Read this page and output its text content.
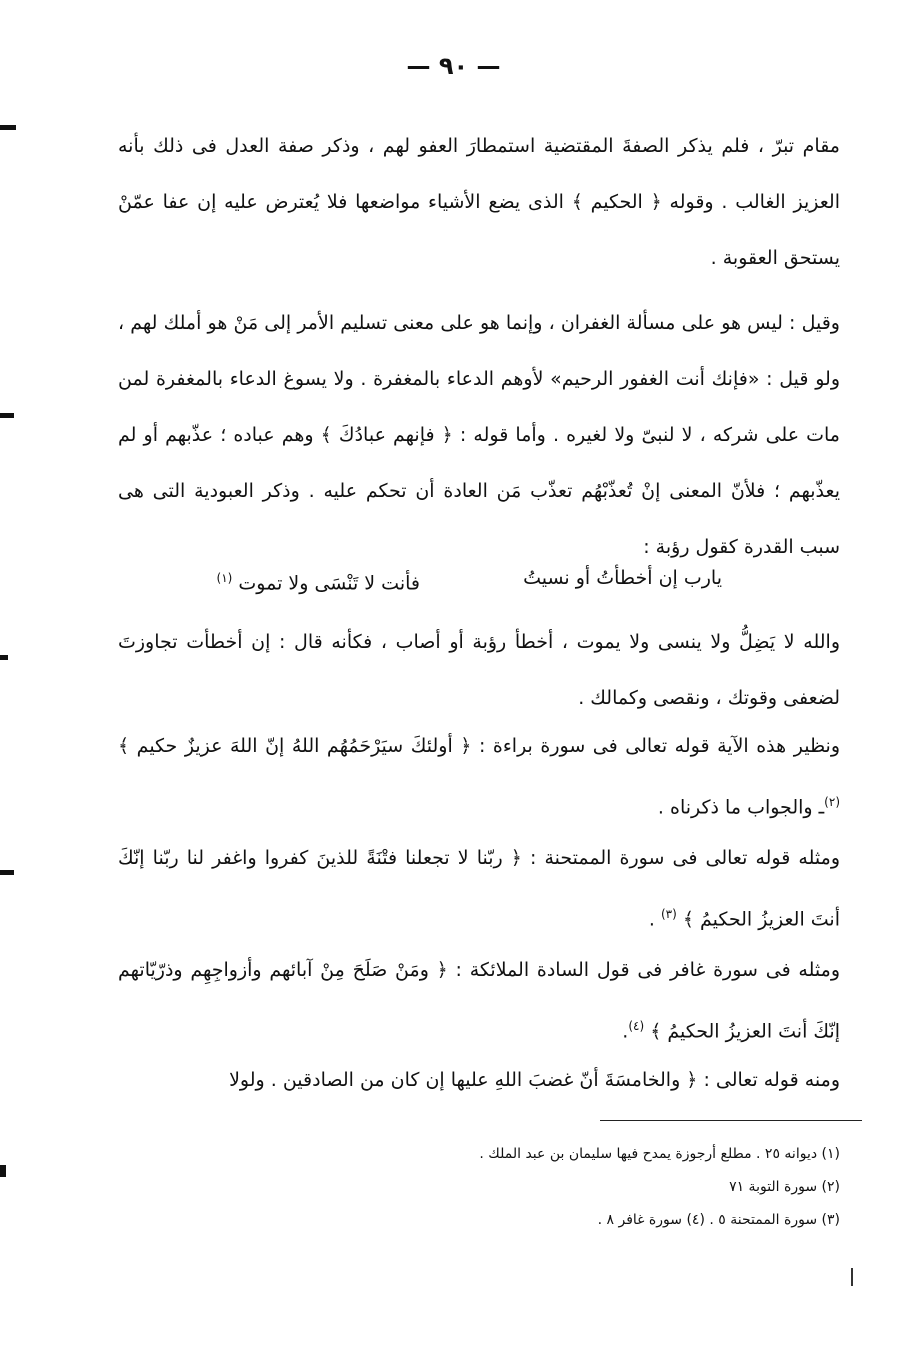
— ٩٠ —
مقام تبرّ ، فلم يذكر الصفةَ المقتضية استمطارَ العفو لهم ، وذكر صفة العدل فى ذلك بأنه العزيز الغالب . وقوله ﴿ الحكيم ﴾ الذى يضع الأشياء مواضعها فلا يُعترض عليه إن عفا عمّنْ يستحق العقوبة .
وقيل : ليس هو على مسألة الغفران ، وإنما هو على معنى تسليم الأمر إلى مَنْ هو أملك لهم ، ولو قيل : «فإنك أنت الغفور الرحيم» لأوهم الدعاء بالمغفرة . ولا يسوغ الدعاء بالمغفرة لمن مات على شركه ، لا لنبىّ ولا لغيره . وأما قوله : ﴿ فإنهم عبادُكَ ﴾ وهم عباده ؛ عذّبهم أو لم يعذّبهم ؛ فلأنّ المعنى إنْ تُعذّبْهُم تعذّب مَن العادة أن تحكم عليه . وذكر العبودية التى هى سبب القدرة كقول رؤبة :
يارب إن أخطأتُ أو نسيتُ
فأنت لا تَنْسَى ولا تموت $^{(١)}$
والله لا يَضِلُّ ولا ينسى ولا يموت ، أخطأ رؤبة أو أصاب ، فكأنه قال : إن أخطأت تجاوزتَ لضعفى وقوتك ، ونقصى وكمالك .
ونظير هذه الآية قوله تعالى فى سورة براءة : ﴿ أولئكَ سيَرْحَمُهُم اللهُ إنّ اللهَ عزيزٌ حكيم ﴾ $^{(٢)}$ـ والجواب ما ذكرناه .
ومثله قوله تعالى فى سورة الممتحنة : ﴿ ربّنا لا تجعلنا فتْنَةً للذينَ كفروا واغفر لنا ربّنا إنّكَ أنتَ العزيزُ الحكيمُ ﴾ $^{(٣)}$ .
ومثله فى سورة غافر فى قول السادة الملائكة : ﴿ ومَنْ صَلَحَ مِنْ آبائهم وأزواجِهِم وذرّيّاتهم إنّكَ أنتَ العزيزُ الحكيمُ ﴾ $^{(٤)}$.
ومنه قوله تعالى : ﴿ والخامسَةَ أنّ غضبَ اللهِ عليها إن كان من الصادقين . ولولا
(١) ديوانه ٢٥ . مطلع أرجوزة يمدح فيها سليمان بن عبد الملك .
(٢) سورة التوبة ٧١
(٣) سورة الممتحنة ٥ . (٤) سورة غافر ٨ .
